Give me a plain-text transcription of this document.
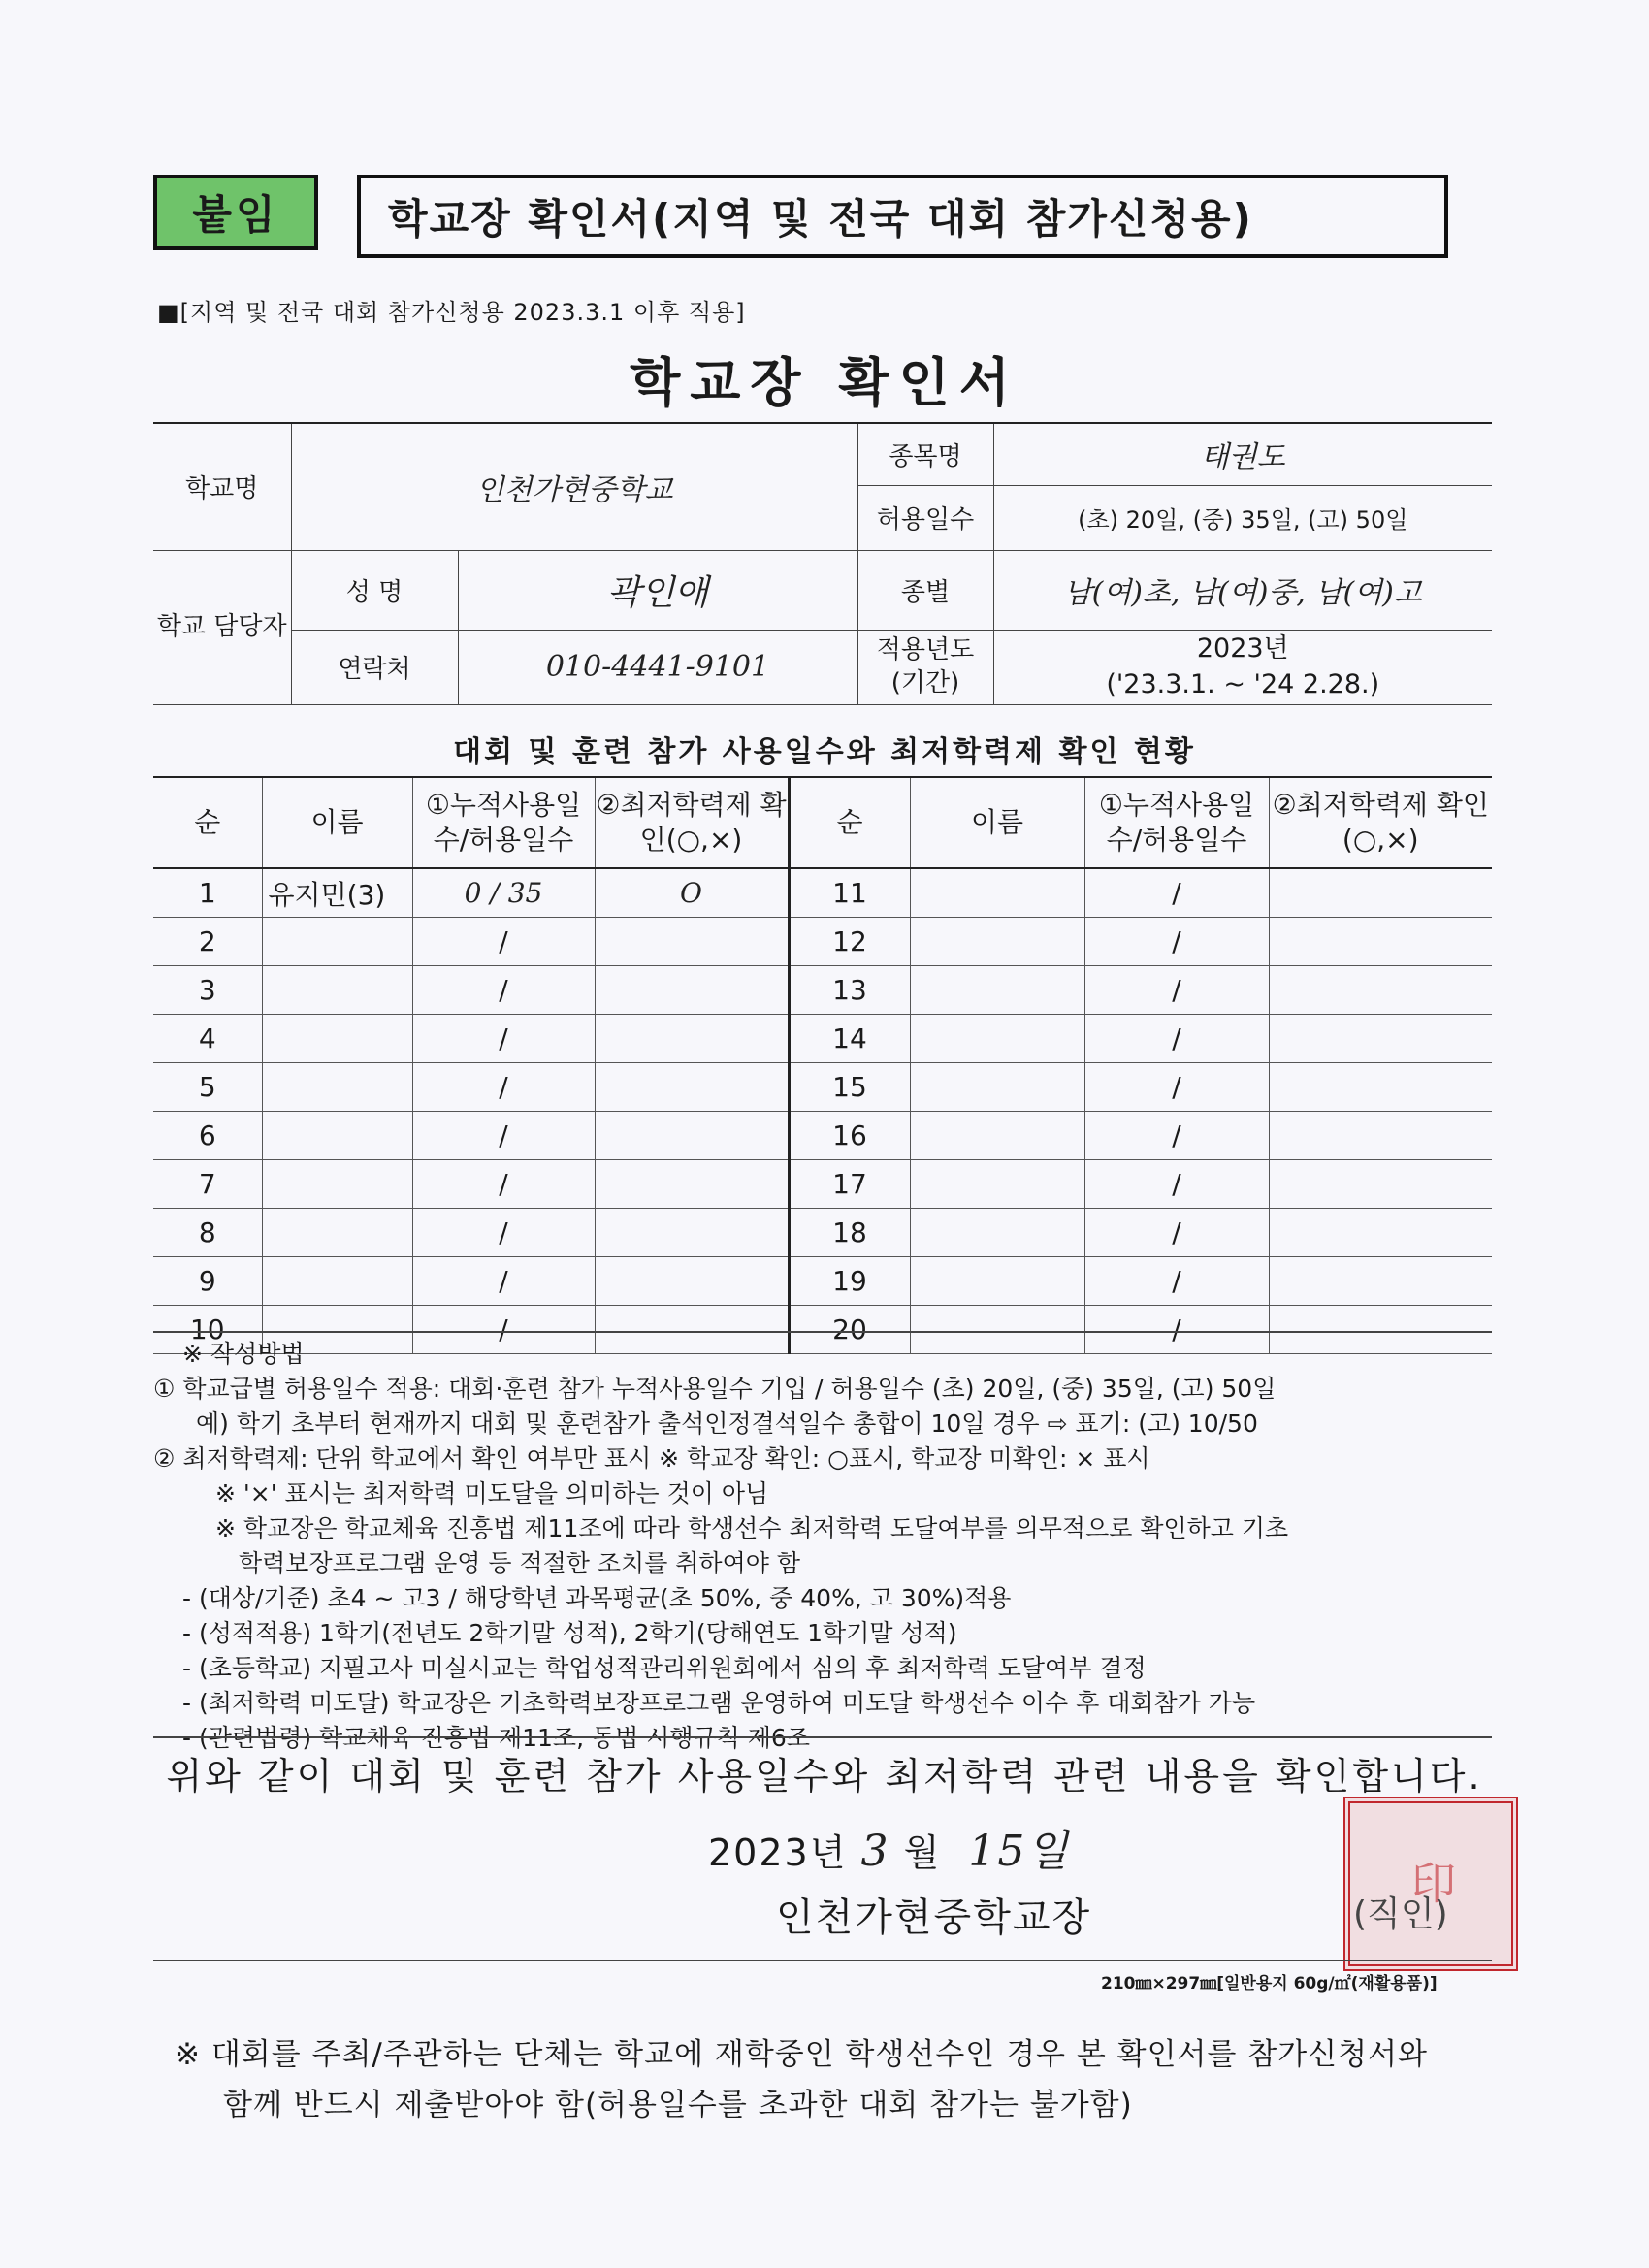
붙임	학교장 확인서(지역 및 전국 대회 참가신청용)
■[지역 및 전국 대회 참가신청용 2023.3.1 이후 적용]
학교장 확인서
학교명	인천가현중학교		종목명	태권도
			허용일수	(초) 20일, (중) 35일, (고) 50일
학교 담당자	성 명	곽인애	종별	남(여)초, 남(여)중, 남(여)고
	연락처	010-4441-9101	적용년도 (기간)	2023년
('23.3.1. ~ '24 2.28.)
대회 및 훈련 참가 사용일수와 최저학력제 확인 현황
순	이름	①누적사용일수/허용일수	②최저학력제 확인(○,×)	순	이름	①누적사용일수/허용일수	②최저학력제 확인(○,×)
1	유지민(3)	0 / 35	O	11		/	
2		/		12		/	
3		/		13		/	
4		/		14		/	
5		/		15		/	
6		/		16		/	
7		/		17		/	
8		/		18		/	
9		/		19		/	
10		/		20		/	

※ 작성방법

① 학교급별 허용일수 적용: 대회·훈련 참가 누적사용일수 기입 / 허용일수 (초) 20일, (중) 35일, (고) 50일

예) 학기 초부터 현재까지 대회 및 훈련참가 출석인정결석일수 총합이 10일 경우 ⇨ 표기: (고) 10/50

② 최저학력제: 단위 학교에서 확인 여부만 표시 ※ 학교장 확인: ○표시, 학교장 미확인: × 표시

※ '×' 표시는 최저학력 미도달을 의미하는 것이 아님

※ 학교장은 학교체육 진흥법 제11조에 따라 학생선수 최저학력 도달여부를 의무적으로 확인하고 기초

학력보장프로그램 운영 등 적절한 조치를 취하여야 함

- (대상/기준) 초4 ~ 고3 / 해당학년 과목평균(초 50%, 중 40%, 고 30%)적용

- (성적적용) 1학기(전년도 2학기말 성적), 2학기(당해연도 1학기말 성적)

- (초등학교) 지필고사 미실시교는 학업성적관리위원회에서 심의 후 최저학력 도달여부 결정

- (최저학력 미도달) 학교장은 기초학력보장프로그램 운영하여 미도달 학생선수 이수 후 대회참가 가능

- (관련법령) 학교체육 진흥법 제11조, 동법 시행규칙 제6조

위와 같이 대회 및 훈련 참가 사용일수와 최저학력 관련 내용을 확인합니다.
2023년 3 월 15일
印
인천가현중학교장	(직인)
210㎜×297㎜[일반용지 60g/㎡(재활용품)]

※ 대회를 주최/주관하는 단체는 학교에 재학중인 학생선수인 경우 본 확인서를 참가신청서와

함께 반드시 제출받아야 함(허용일수를 초과한 대회 참가는 불가함)
